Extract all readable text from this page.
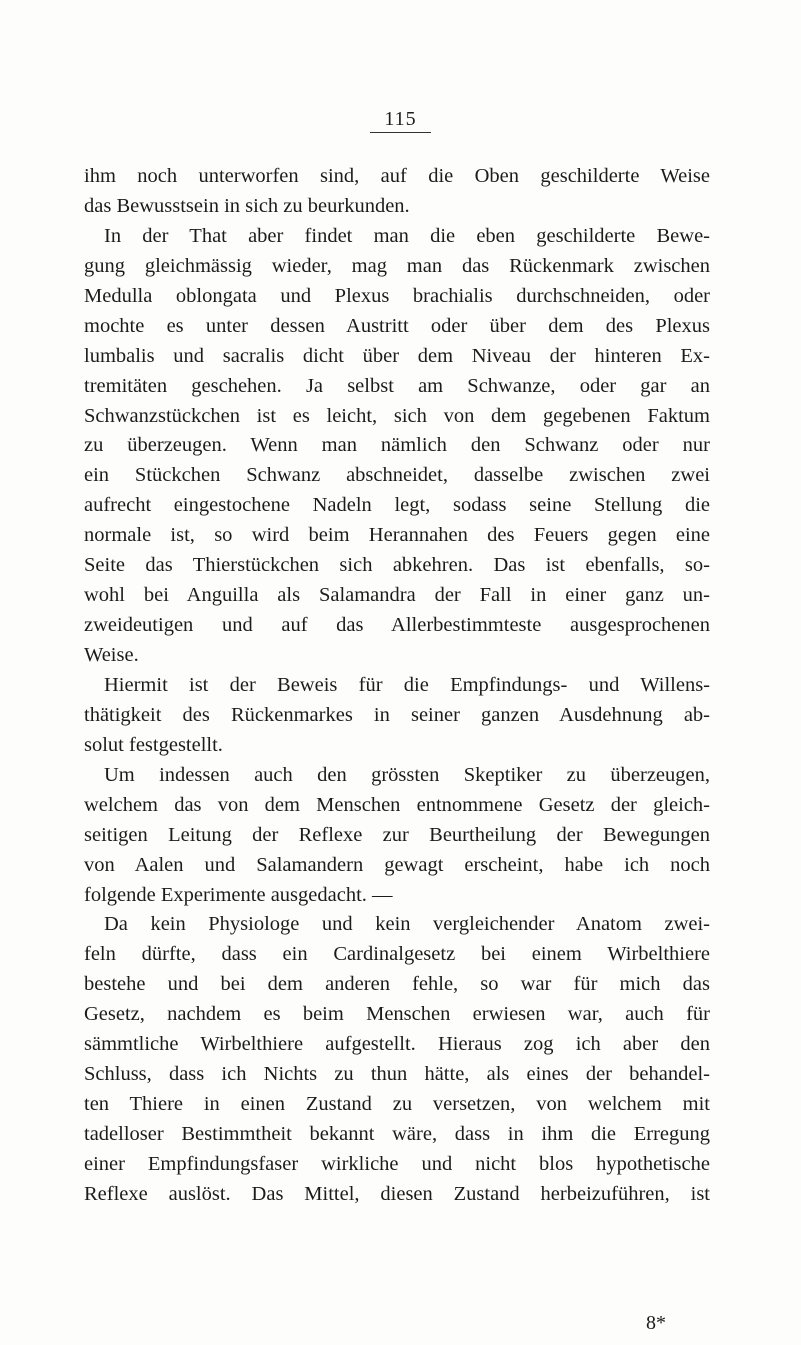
115
ihm noch unterworfen sind, auf die Oben geschilderte Weise
das Bewusstsein in sich zu beurkunden.
In der That aber findet man die eben geschilderte Bewe-
gung gleichmässig wieder, mag man das Rückenmark zwischen
Medulla oblongata und Plexus brachialis durchschneiden, oder
mochte es unter dessen Austritt oder über dem des Plexus
lumbalis und sacralis dicht über dem Niveau der hinteren Ex-
tremitäten geschehen. Ja selbst am Schwanze, oder gar an
Schwanzstückchen ist es leicht, sich von dem gegebenen Faktum
zu überzeugen. Wenn man nämlich den Schwanz oder nur
ein Stückchen Schwanz abschneidet, dasselbe zwischen zwei
aufrecht eingestochene Nadeln legt, sodass seine Stellung die
normale ist, so wird beim Herannahen des Feuers gegen eine
Seite das Thierstückchen sich abkehren. Das ist ebenfalls, so-
wohl bei Anguilla als Salamandra der Fall in einer ganz un-
zweideutigen und auf das Allerbestimmteste ausgesprochenen
Weise.
Hiermit ist der Beweis für die Empfindungs- und Willens-
thätigkeit des Rückenmarkes in seiner ganzen Ausdehnung ab-
solut festgestellt.
Um indessen auch den grössten Skeptiker zu überzeugen,
welchem das von dem Menschen entnommene Gesetz der gleich-
seitigen Leitung der Reflexe zur Beurtheilung der Bewegungen
von Aalen und Salamandern gewagt erscheint, habe ich noch
folgende Experimente ausgedacht. —
Da kein Physiologe und kein vergleichender Anatom zwei-
feln dürfte, dass ein Cardinalgesetz bei einem Wirbelthiere
bestehe und bei dem anderen fehle, so war für mich das
Gesetz, nachdem es beim Menschen erwiesen war, auch für
sämmtliche Wirbelthiere aufgestellt. Hieraus zog ich aber den
Schluss, dass ich Nichts zu thun hätte, als eines der behandel-
ten Thiere in einen Zustand zu versetzen, von welchem mit
tadelloser Bestimmtheit bekannt wäre, dass in ihm die Erregung
einer Empfindungsfaser wirkliche und nicht blos hypothetische
Reflexe auslöst. Das Mittel, diesen Zustand herbeizuführen, ist
8*
